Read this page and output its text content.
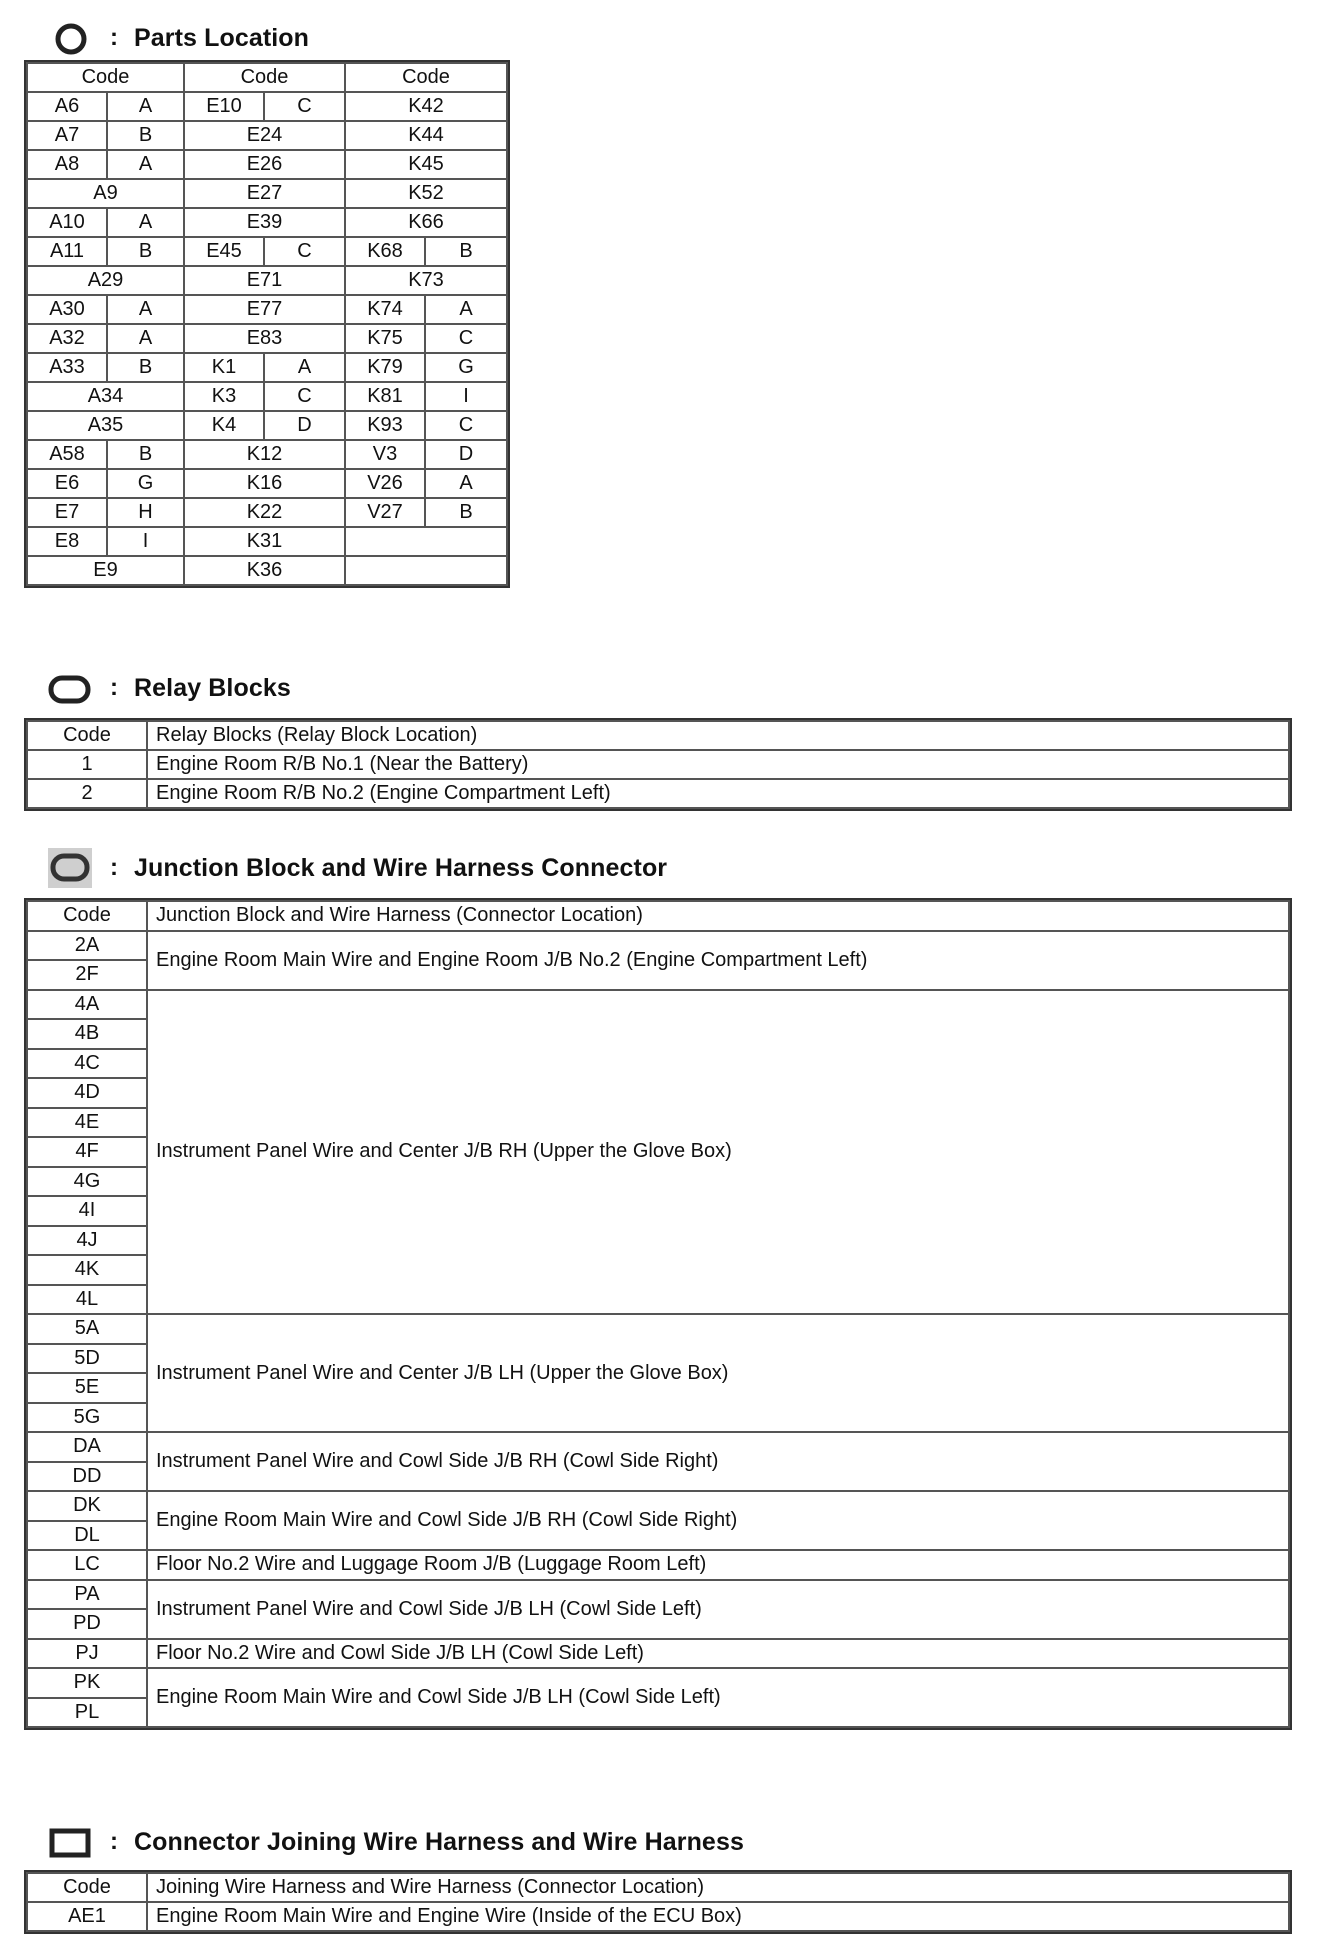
: Parts Location
Code		Code		Code	
A6	A	E10	C	K42	
A7	B	E24		K44	
A8	A	E26		K45	
A9		E27		K52	
A10	A	E39		K66	
A11	B	E45	C	K68	B
A29		E71		K73	
A30	A	E77		K74	A
A32	A	E83		K75	C
A33	B	K1	A	K79	G
A34		K3	C	K81	I
A35		K4	D	K93	C
A58	B	K12		V3	D
E6	G	K16		V26	A
E7	H	K22		V27	B
E8	I	K31			
E9		K36			
: Relay Blocks
Code	Relay Blocks (Relay Block Location)
1	Engine Room R/B No.1 (Near the Battery)
2	Engine Room R/B No.2 (Engine Compartment Left)
: Junction Block and Wire Harness Connector
Code	Junction Block and Wire Harness (Connector Location)
2A	Engine Room Main Wire and Engine Room J/B No.2 (Engine Compartment Left)
2F	
4A	Instrument Panel Wire and Center J/B RH (Upper the Glove Box)
4B	
4C	
4D	
4E	
4F	
4G	
4I	
4J	
4K	
4L	
5A	Instrument Panel Wire and Center J/B LH (Upper the Glove Box)
5D	
5E	
5G	
DA	Instrument Panel Wire and Cowl Side J/B RH (Cowl Side Right)
DD	
DK	Engine Room Main Wire and Cowl Side J/B RH (Cowl Side Right)
DL	
LC	Floor No.2 Wire and Luggage Room J/B (Luggage Room Left)
PA	Instrument Panel Wire and Cowl Side J/B LH (Cowl Side Left)
PD	
PJ	Floor No.2 Wire and Cowl Side J/B LH (Cowl Side Left)
PK	Engine Room Main Wire and Cowl Side J/B LH (Cowl Side Left)
PL	
: Connector Joining Wire Harness and Wire Harness
Code	Joining Wire Harness and Wire Harness (Connector Location)
AE1	Engine Room Main Wire and Engine Wire (Inside of the ECU Box)
